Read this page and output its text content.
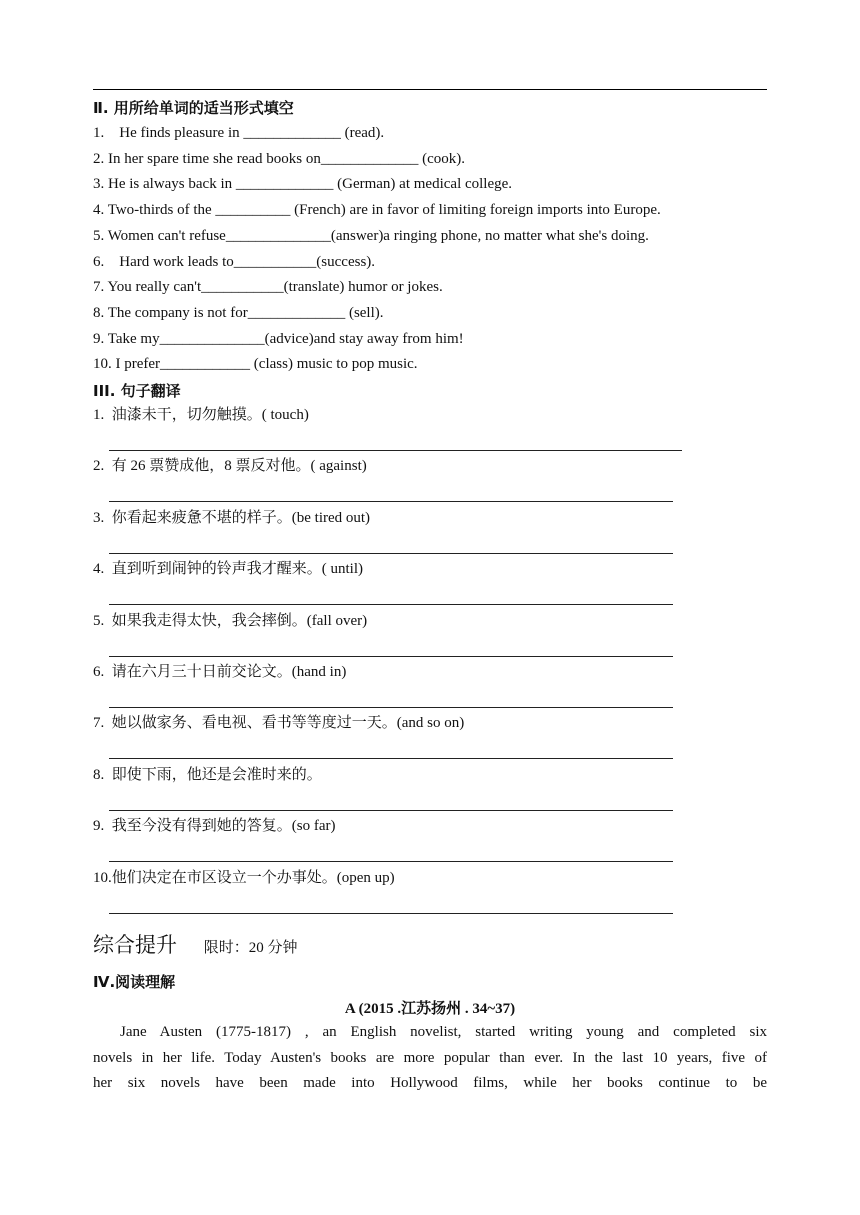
Ⅱ. 用所给单词的适当形式填空
1.    He finds pleasure in _____________ (read).
2. In her spare time she read books on_____________ (cook).
3. He is always back in _____________ (German) at medical college.
4. Two-thirds of the __________ (French) are in favor of limiting foreign imports into Europe.
5. Women can't refuse______________(answer)a ringing phone, no matter what she's doing.
6.    Hard work leads to___________(success).
7. You really can't___________(translate) humor or jokes.
8. The company is not for_____________ (sell).
9. Take my______________(advice)and stay away from him!
10. I prefer____________ (class) music to pop music.
III. 句子翻译
1.  油漆未干，切勿触摸。( touch)
2.  有 26 票赞成他，8 票反对他。( against)
3.  你看起来疲惫不堪的样子。(be tired out)
4.  直到听到闹钟的铃声我才醒来。( until)
5.  如果我走得太快，我会摔倒。(fall over)
6.  请在六月三十日前交论文。(hand in)
7.  她以做家务、看电视、看书等等度过一天。(and so on)
8.  即使下雨，他还是会准时来的。
9.  我至今没有得到她的答复。(so far)
10.他们决定在市区设立一个办事处。(open up)
综合提升 限时：20 分钟
Ⅳ.阅读理解
A (2015 .江苏扬州 . 34~37)
Jane Austen (1775-1817) , an English novelist, started writing young and completed six
novels in her life. Today Austen's books are more popular than ever. In the last 10 years, five of
her six novels have been made into Hollywood films, while her books continue to be
